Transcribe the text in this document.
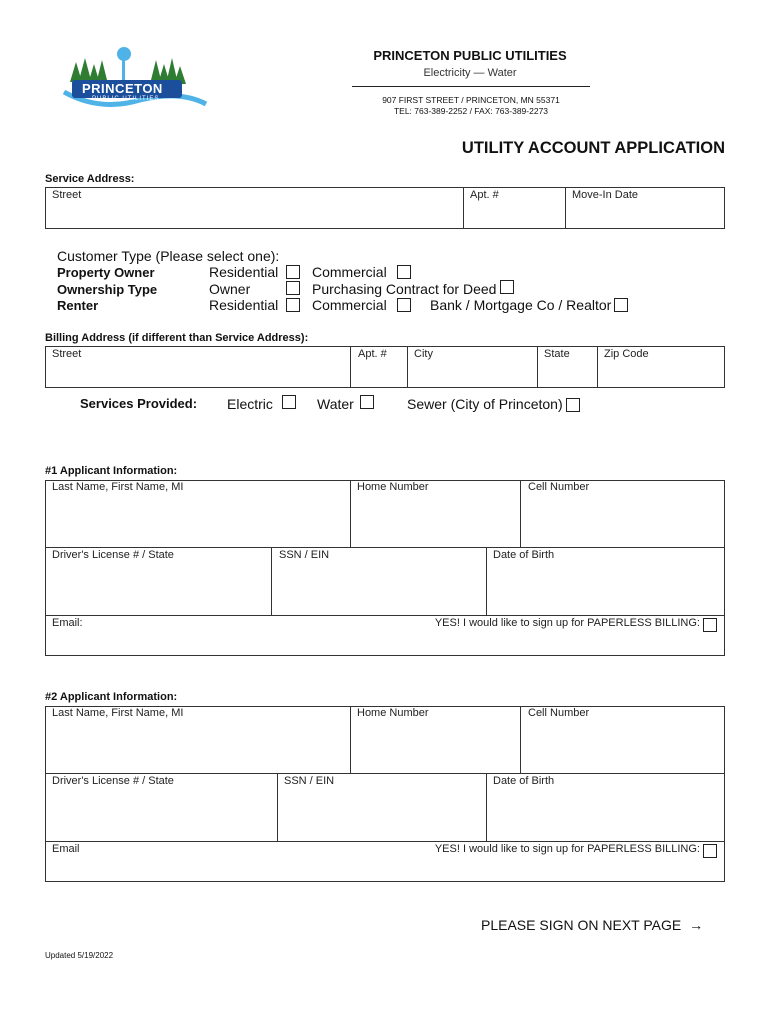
PRINCETON
PUBLIC UTILITIES
PRINCETON PUBLIC UTILITIES
Electricity — Water
907 FIRST STREET / PRINCETON, MN 55371
TEL: 763-389-2252 / FAX: 763-389-2273
UTILITY ACCOUNT APPLICATION
Service Address:
Street	Apt. #	Move-In Date
Customer Type (Please select one):
Property Owner	Residential Commercial
Ownership Type	Owner	Purchasing Contract for Deed
Renter	Residential Commercial	Bank / Mortgage Co / Realtor
Billing Address (if different than Service Address):
Street	Apt. # City	State	Zip Code
Services Provided: Electric	Water	Sewer (City of Princeton)
#1 Applicant Information:
Last Name, First Name, MI	Home Number	Cell Number
Driver's License # / State	SSN / EIN	Date of Birth
Email:	YES! I would like to sign up for PAPERLESS BILLING:
#2 Applicant Information:
Last Name, First Name, MI	Home Number	Cell Number
Driver's License # / State	SSN / EIN	Date of Birth
Email	YES! I would like to sign up for PAPERLESS BILLING:
PLEASE SIGN ON NEXT PAGE →
Updated 5/19/2022
